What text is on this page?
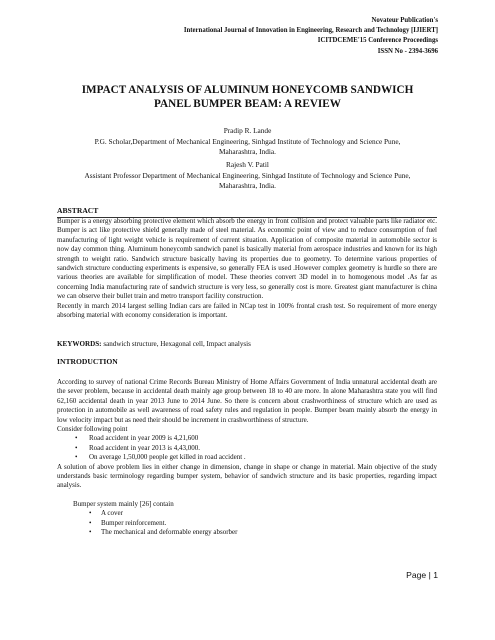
Novateur Publication's
International Journal of Innovation in Engineering, Research and Technology [IJIERT]
ICITDCEME'15 Conference Proceedings
ISSN No - 2394-3696
IMPACT ANALYSIS OF ALUMINUM HONEYCOMB SANDWICH
PANEL BUMPER BEAM: A REVIEW
Pradip R. Lande
P.G. Scholar,Department of Mechanical Engineering, Sinhgad Institute of Technology and Science Pune,
Maharashtra, India.
Rajesh V. Patil
Assistant Professor Department of Mechanical Engineering, Sinhgad Institute of Technology and Science Pune,
Maharashtra, India.
ABSTRACT

Bumper is a energy absorbing protective element which absorb the energy in front collision and protect valuable parts like radiator etc. Bumper is act like protective shield generally made of steel material. As economic point of view and to reduce consumption of fuel manufacturing of light weight vehicle is requirement of current situation. Application of composite material in automobile sector is now day common thing. Aluminum honeycomb sandwich panel is basically material from aerospace industries and known for its high strength to weight ratio. Sandwich structure basically having its properties due to geometry. To determine various properties of sandwich structure conducting experiments is expensive, so generally FEA is used .However complex geometry is hurdle so there are various theories are available for simplification of model. These theories convert 3D model in to homogenous model .As far as concerning India manufacturing rate of sandwich structure is very less, so generally cost is more. Greatest giant manufacturer is china we can observe their bullet train and metro transport facility construction.

Recently in march 2014 largest selling Indian cars are failed in NCap test in 100% frontal crash test. So requirement of more energy absorbing material with economy consideration is important.

KEYWORDS: sandwich structure, Hexagonal cell, Impact analysis
INTRODUCTION

According to survey of national Crime Records Bureau Ministry of Home Affairs Government of India unnatural accidental death are the sever problem, because in accidental death mainly age group between 18 to 40 are more. In alone Maharashtra state you will find 62,160 accidental death in year 2013 June to 2014 June. So there is concern about crashworthiness of structure which are used as protection in automobile as well awareness of road safety rules and regulation in people. Bumper beam mainly absorb the energy in low velocity impact but as need their should be increment in crashworthiness of structure.

Consider following point

• Road accident in year 2009 is 4,21,600
• Road accident in year 2013 is 4,43,000.
• On average 1,50,000 people get killed in road accident .

A solution of above problem lies in either change in dimension, change in shape or change in material. Main objective of the study understands basic terminology regarding bumper system, behavior of sandwich structure and its basic properties, regarding impact analysis.

Bumper system mainly [26] contain

• A cover
• Bumper reinforcement.
• The mechanical and deformable energy absorber
Page | 1
